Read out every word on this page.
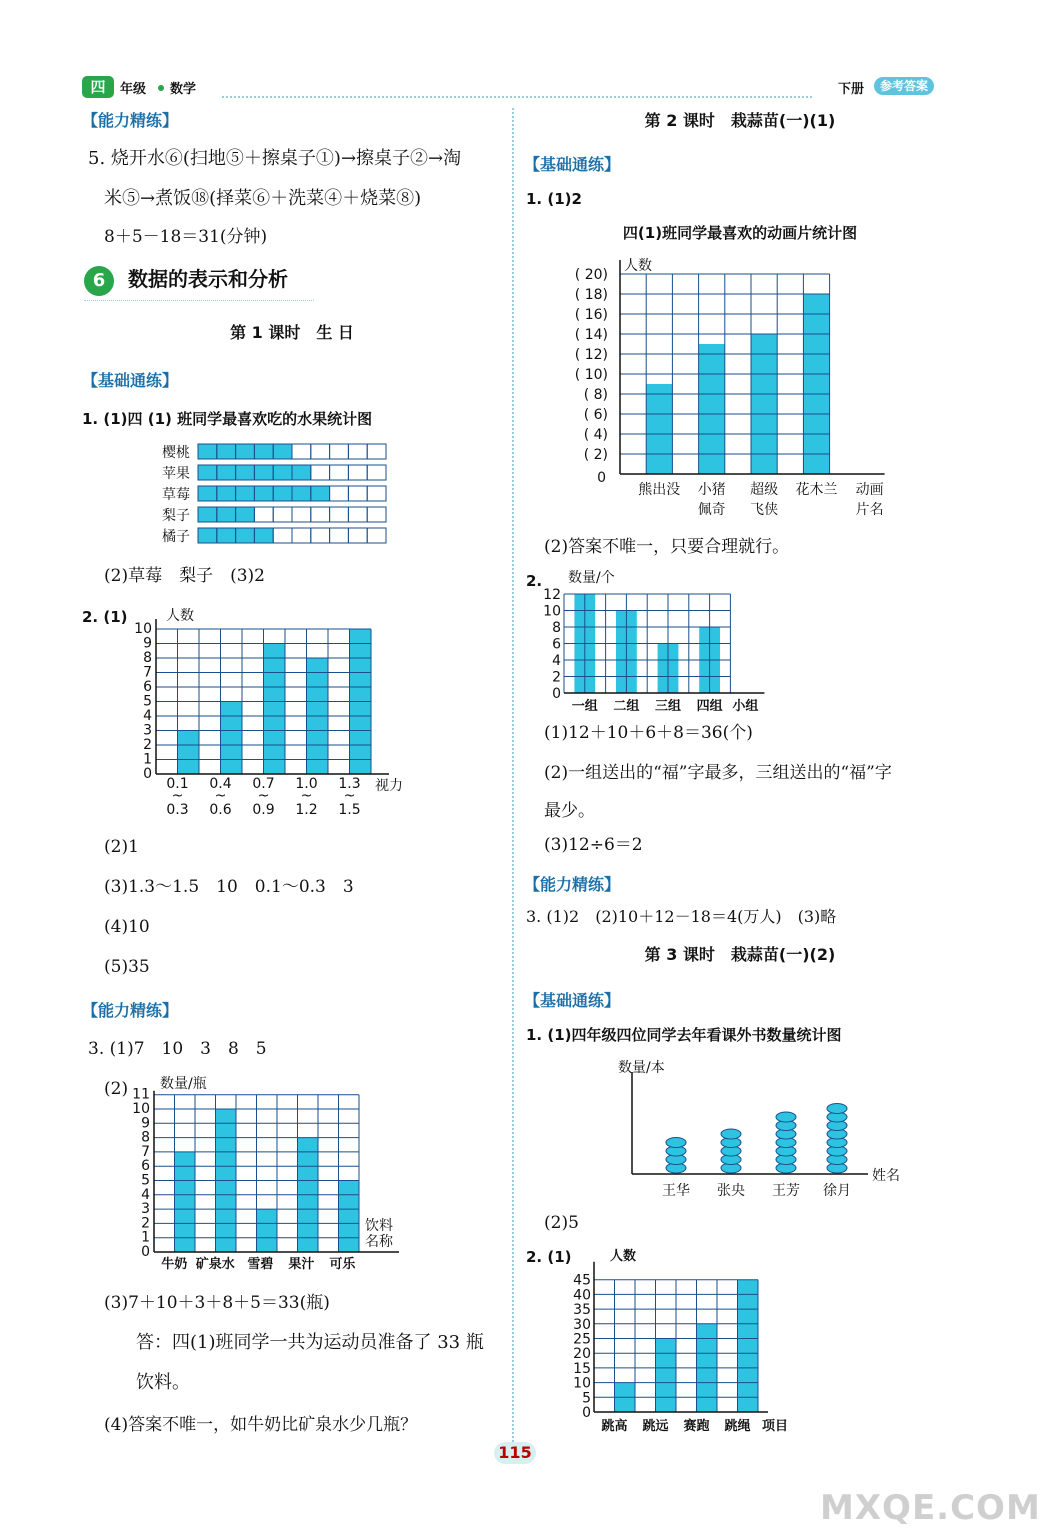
四	年级 数学	下册	参考答案
【能力精练】
5. 烧开水⑥(扫地⑤＋擦桌子①)→擦桌子②→淘
米⑤→煮饭⑱(择菜⑥＋洗菜④＋烧菜⑧)
8＋5－18＝31(分钟)
6	数据的表示和分析
第 1 课时　生 日
【基础通练】
1. (1)四 (1) 班同学最喜欢吃的水果统计图
樱桃
苹果
草莓
梨子
橘子
(2)草莓　梨子　(3)2
2. (1)
0
1
2
3
4
5
6
7
8
9
10
人数
视力
0.1
~
0.3
0.4
~
0.6
0.7
~
0.9
1.0
~
1.2
1.3
~
1.5
(2)1
(3)1.3～1.5　10　0.1～0.3　3
(4)10
(5)35
【能力精练】
3. (1)7　10　3　8　5
(2)
0
1
2
3
4
5
6
7
8
9
10
11
数量/瓶
饮料
名称
牛奶 矿泉水 雪碧 果汁 可乐
(3)7＋10＋3＋8＋5＝33(瓶)
答：四(1)班同学一共为运动员准备了 33 瓶
饮料。
(4)答案不唯一，如牛奶比矿泉水少几瓶？
第 2 课时　栽蒜苗(一)(1)
【基础通练】
1. (1)2
四(1)班同学最喜欢的动画片统计图
人数
( 2)
( 4)
( 6)
( 8)
( 10)
( 12)
( 14)
( 16)
( 18)
( 20)
0
熊出没 小猪
佩奇
超级
飞侠
花木兰 动画
片名
(2)答案不唯一，只要合理就行。
2. 数量/个
0
2
4
6
8
10
12
一组 二组 三组 四组 小组
(1)12＋10＋6＋8＝36(个)
(2)一组送出的“福”字最多，三组送出的“福”字
最少。
(3)12÷6＝2
【能力精练】
3. (1)2　(2)10＋12－18＝4(万人)　(3)略
第 3 课时　栽蒜苗(一)(2)
【基础通练】
1. (1)四年级四位同学去年看课外书数量统计图
数量/本
姓名
王华 张央 王芳 徐月
(2)5
2. (1)	人数
0
5
10
15
20
25
30
35
40
45
跳高 跳远 赛跑 跳绳 项目
115
MXQE.COM
